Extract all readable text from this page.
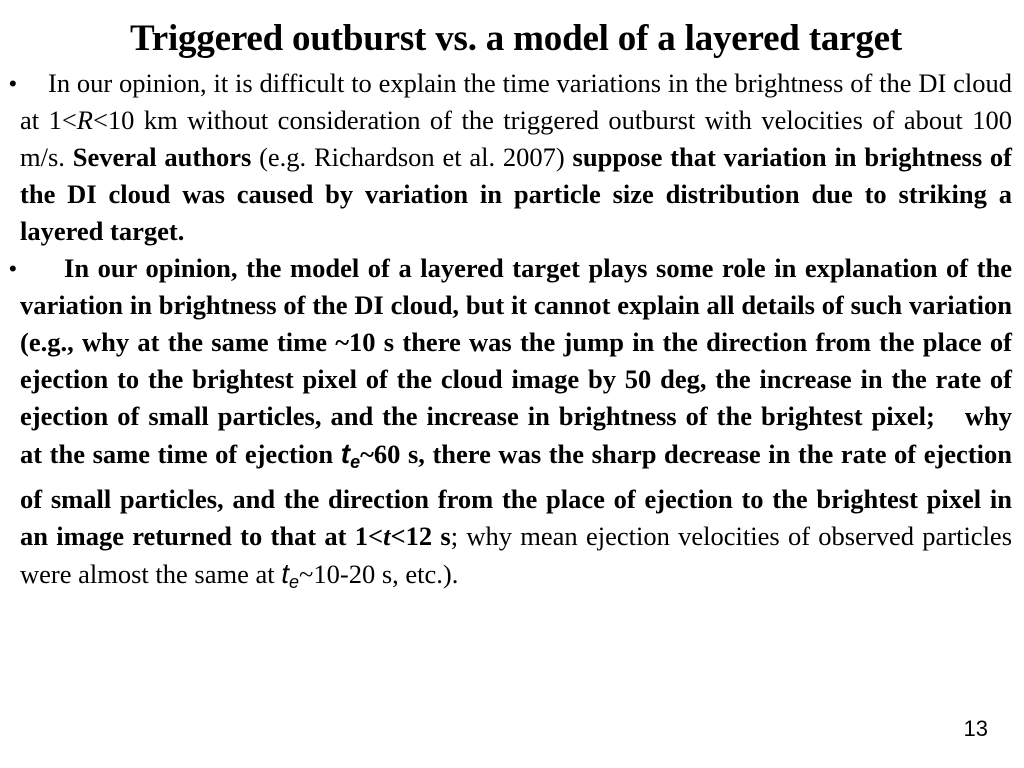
Triggered outburst vs. a model of a layered target
• In our opinion, it is difficult to explain the time variations in the brightness of the DI cloud at 1<R<10 km without consideration of the triggered outburst with velocities of about 100 m/s. Several authors (e.g. Richardson et al. 2007) suppose that variation in brightness of the DI cloud was caused by variation in particle size distribution due to striking a layered target.
• In our opinion, the model of a layered target plays some role in explanation of the variation in brightness of the DI cloud, but it cannot explain all details of such variation (e.g., why at the same time ~10 s there was the jump in the direction from the place of ejection to the brightest pixel of the cloud image by 50 deg, the increase in the rate of ejection of small particles, and the increase in brightness of the brightest pixel; why at the same time of ejection $t_e\sim 60$ s, there was the sharp decrease in the rate of ejection of small particles, and the direction from the place of ejection to the brightest pixel in an image returned to that at 1<t<12 s; why mean ejection velocities of observed particles were almost the same at $t_e\sim 10-20$ s, etc.).
13
